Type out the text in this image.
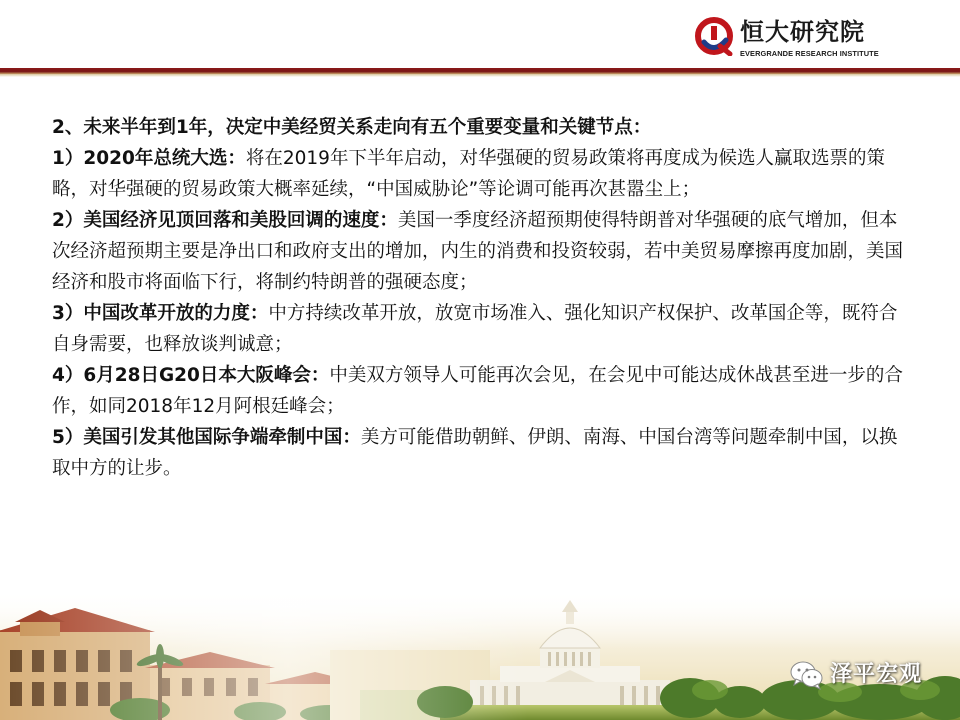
恒大研究院
EVERGRANDE RESEARCH INSTITUTE

2、未来半年到1年，决定中美经贸关系走向有五个重要变量和关键节点：

1）2020年总统大选：将在2019年下半年启动，对华强硬的贸易政策将再度成为候选人赢取选票的策略，对华强硬的贸易政策大概率延续，“中国威胁论”等论调可能再次甚嚣尘上；

2）美国经济见顶回落和美股回调的速度：美国一季度经济超预期使得特朗普对华强硬的底气增加，但本次经济超预期主要是净出口和政府支出的增加，内生的消费和投资较弱，若中美贸易摩擦再度加剧，美国经济和股市将面临下行，将制约特朗普的强硬态度；

3）中国改革开放的力度：中方持续改革开放，放宽市场准入、强化知识产权保护、改革国企等，既符合自身需要，也释放谈判诚意；

4）6月28日G20日本大阪峰会：中美双方领导人可能再次会见，在会见中可能达成休战甚至进一步的合作，如同2018年12月阿根廷峰会；

5）美国引发其他国际争端牵制中国：美方可能借助朝鲜、伊朗、南海、中国台湾等问题牵制中国，以换取中方的让步。

泽平宏观
